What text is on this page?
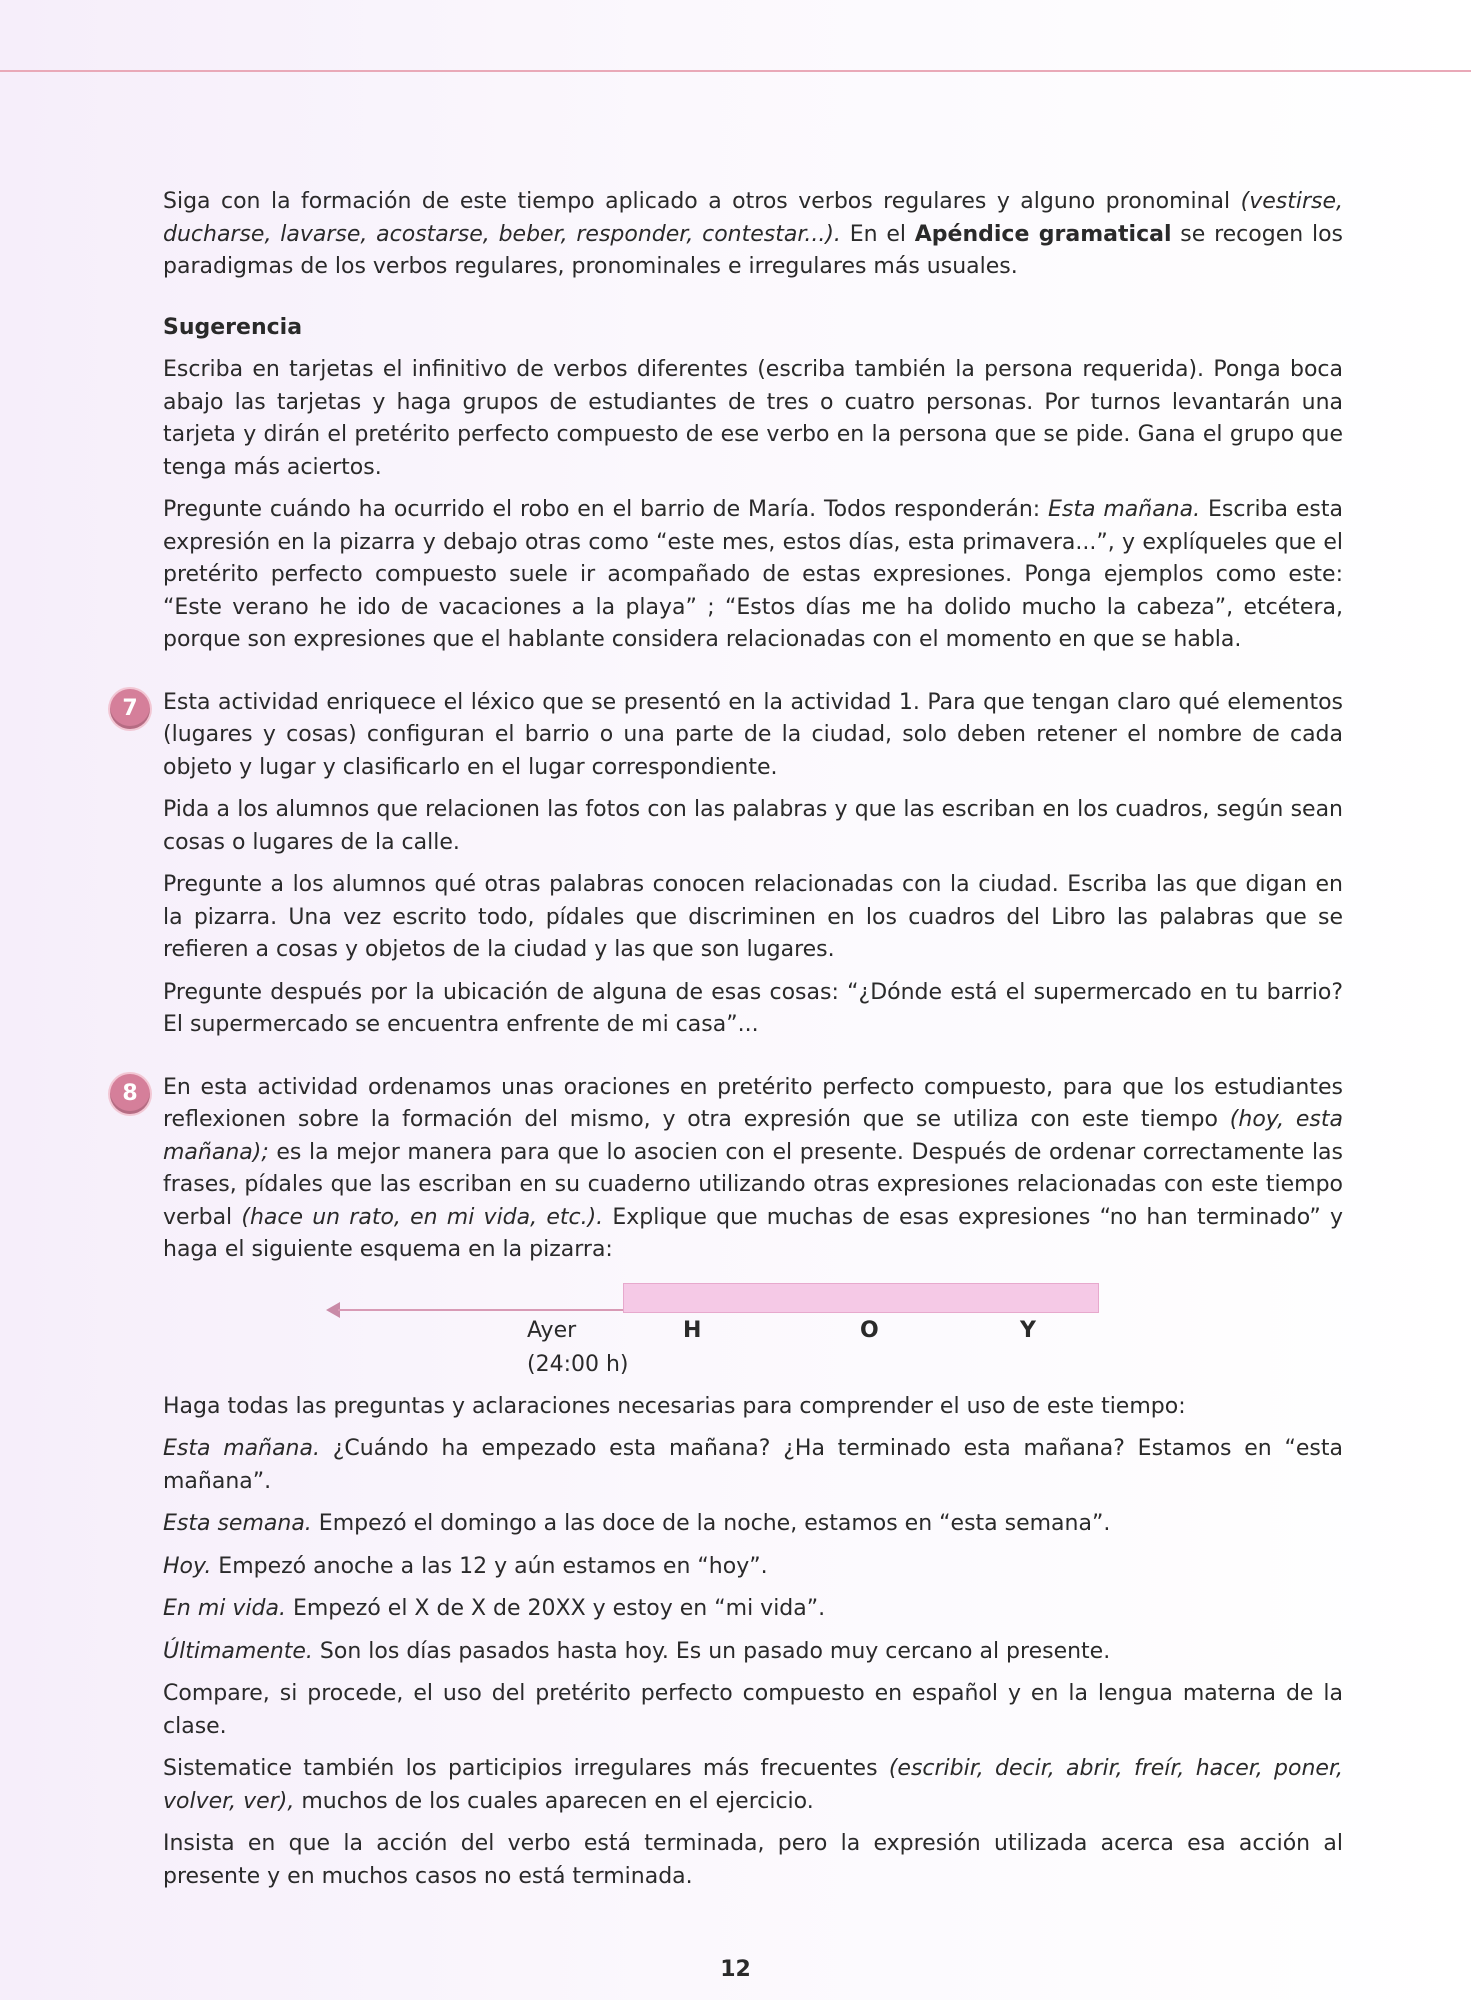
Siga con la formación de este tiempo aplicado a otros verbos regulares y alguno pronominal (vestirse, ducharse, lavarse, acostarse, beber, responder, contestar...). En el Apéndice gramatical se recogen los paradigmas de los verbos regulares, pronominales e irregulares más usuales.

Sugerencia

Escriba en tarjetas el infinitivo de verbos diferentes (escriba también la persona requerida). Ponga boca abajo las tarjetas y haga grupos de estudiantes de tres o cuatro personas. Por turnos levantarán una tarjeta y dirán el pretérito perfecto compuesto de ese verbo en la persona que se pide. Gana el grupo que tenga más aciertos.

Pregunte cuándo ha ocurrido el robo en el barrio de María. Todos responderán: Esta mañana. Escriba esta expresión en la pizarra y debajo otras como “este mes, estos días, esta primavera...”, y explíqueles que el pretérito perfecto compuesto suele ir acompañado de estas expresiones. Ponga ejemplos como este: “Este verano he ido de vacaciones a la playa” ; “Estos días me ha dolido mucho la cabeza”, etcétera, porque son expresiones que el hablante considera relacionadas con el momento en que se habla.

7	Esta actividad enriquece el léxico que se presentó en la actividad 1. Para que tengan claro qué elementos (lugares y cosas) configuran el barrio o una parte de la ciudad, solo deben retener el nombre de cada objeto y lugar y clasificarlo en el lugar correspondiente.

Pida a los alumnos que relacionen las fotos con las palabras y que las escriban en los cuadros, según sean cosas o lugares de la calle.

Pregunte a los alumnos qué otras palabras conocen relacionadas con la ciudad. Escriba las que digan en la pizarra. Una vez escrito todo, pídales que discriminen en los cuadros del Libro las palabras que se refieren a cosas y objetos de la ciudad y las que son lugares.

Pregunte después por la ubicación de alguna de esas cosas: “¿Dónde está el supermercado en tu barrio? El supermercado se encuentra enfrente de mi casa”...

8	En esta actividad ordenamos unas oraciones en pretérito perfecto compuesto, para que los estudiantes reflexionen sobre la formación del mismo, y otra expresión que se utiliza con este tiempo (hoy, esta mañana); es la mejor manera para que lo asocien con el presente. Después de ordenar correctamente las frases, pídales que las escriban en su cuaderno utilizando otras expresiones relacionadas con este tiempo verbal (hace un rato, en mi vida, etc.). Explique que muchas de esas expresiones “no han terminado” y haga el siguiente esquema en la pizarra:

Ayer
(24:00 h)
H	O	Y

Haga todas las preguntas y aclaraciones necesarias para comprender el uso de este tiempo:

Esta mañana. ¿Cuándo ha empezado esta mañana? ¿Ha terminado esta mañana? Estamos en “esta mañana”.

Esta semana. Empezó el domingo a las doce de la noche, estamos en “esta semana”.

Hoy. Empezó anoche a las 12 y aún estamos en “hoy”.

En mi vida. Empezó el X de X de 20XX y estoy en “mi vida”.

Últimamente. Son los días pasados hasta hoy. Es un pasado muy cercano al presente.

Compare, si procede, el uso del pretérito perfecto compuesto en español y en la lengua materna de la clase.

Sistematice también los participios irregulares más frecuentes (escribir, decir, abrir, freír, hacer, poner, volver, ver), muchos de los cuales aparecen en el ejercicio.

Insista en que la acción del verbo está terminada, pero la expresión utilizada acerca esa acción al presente y en muchos casos no está terminada.

12
